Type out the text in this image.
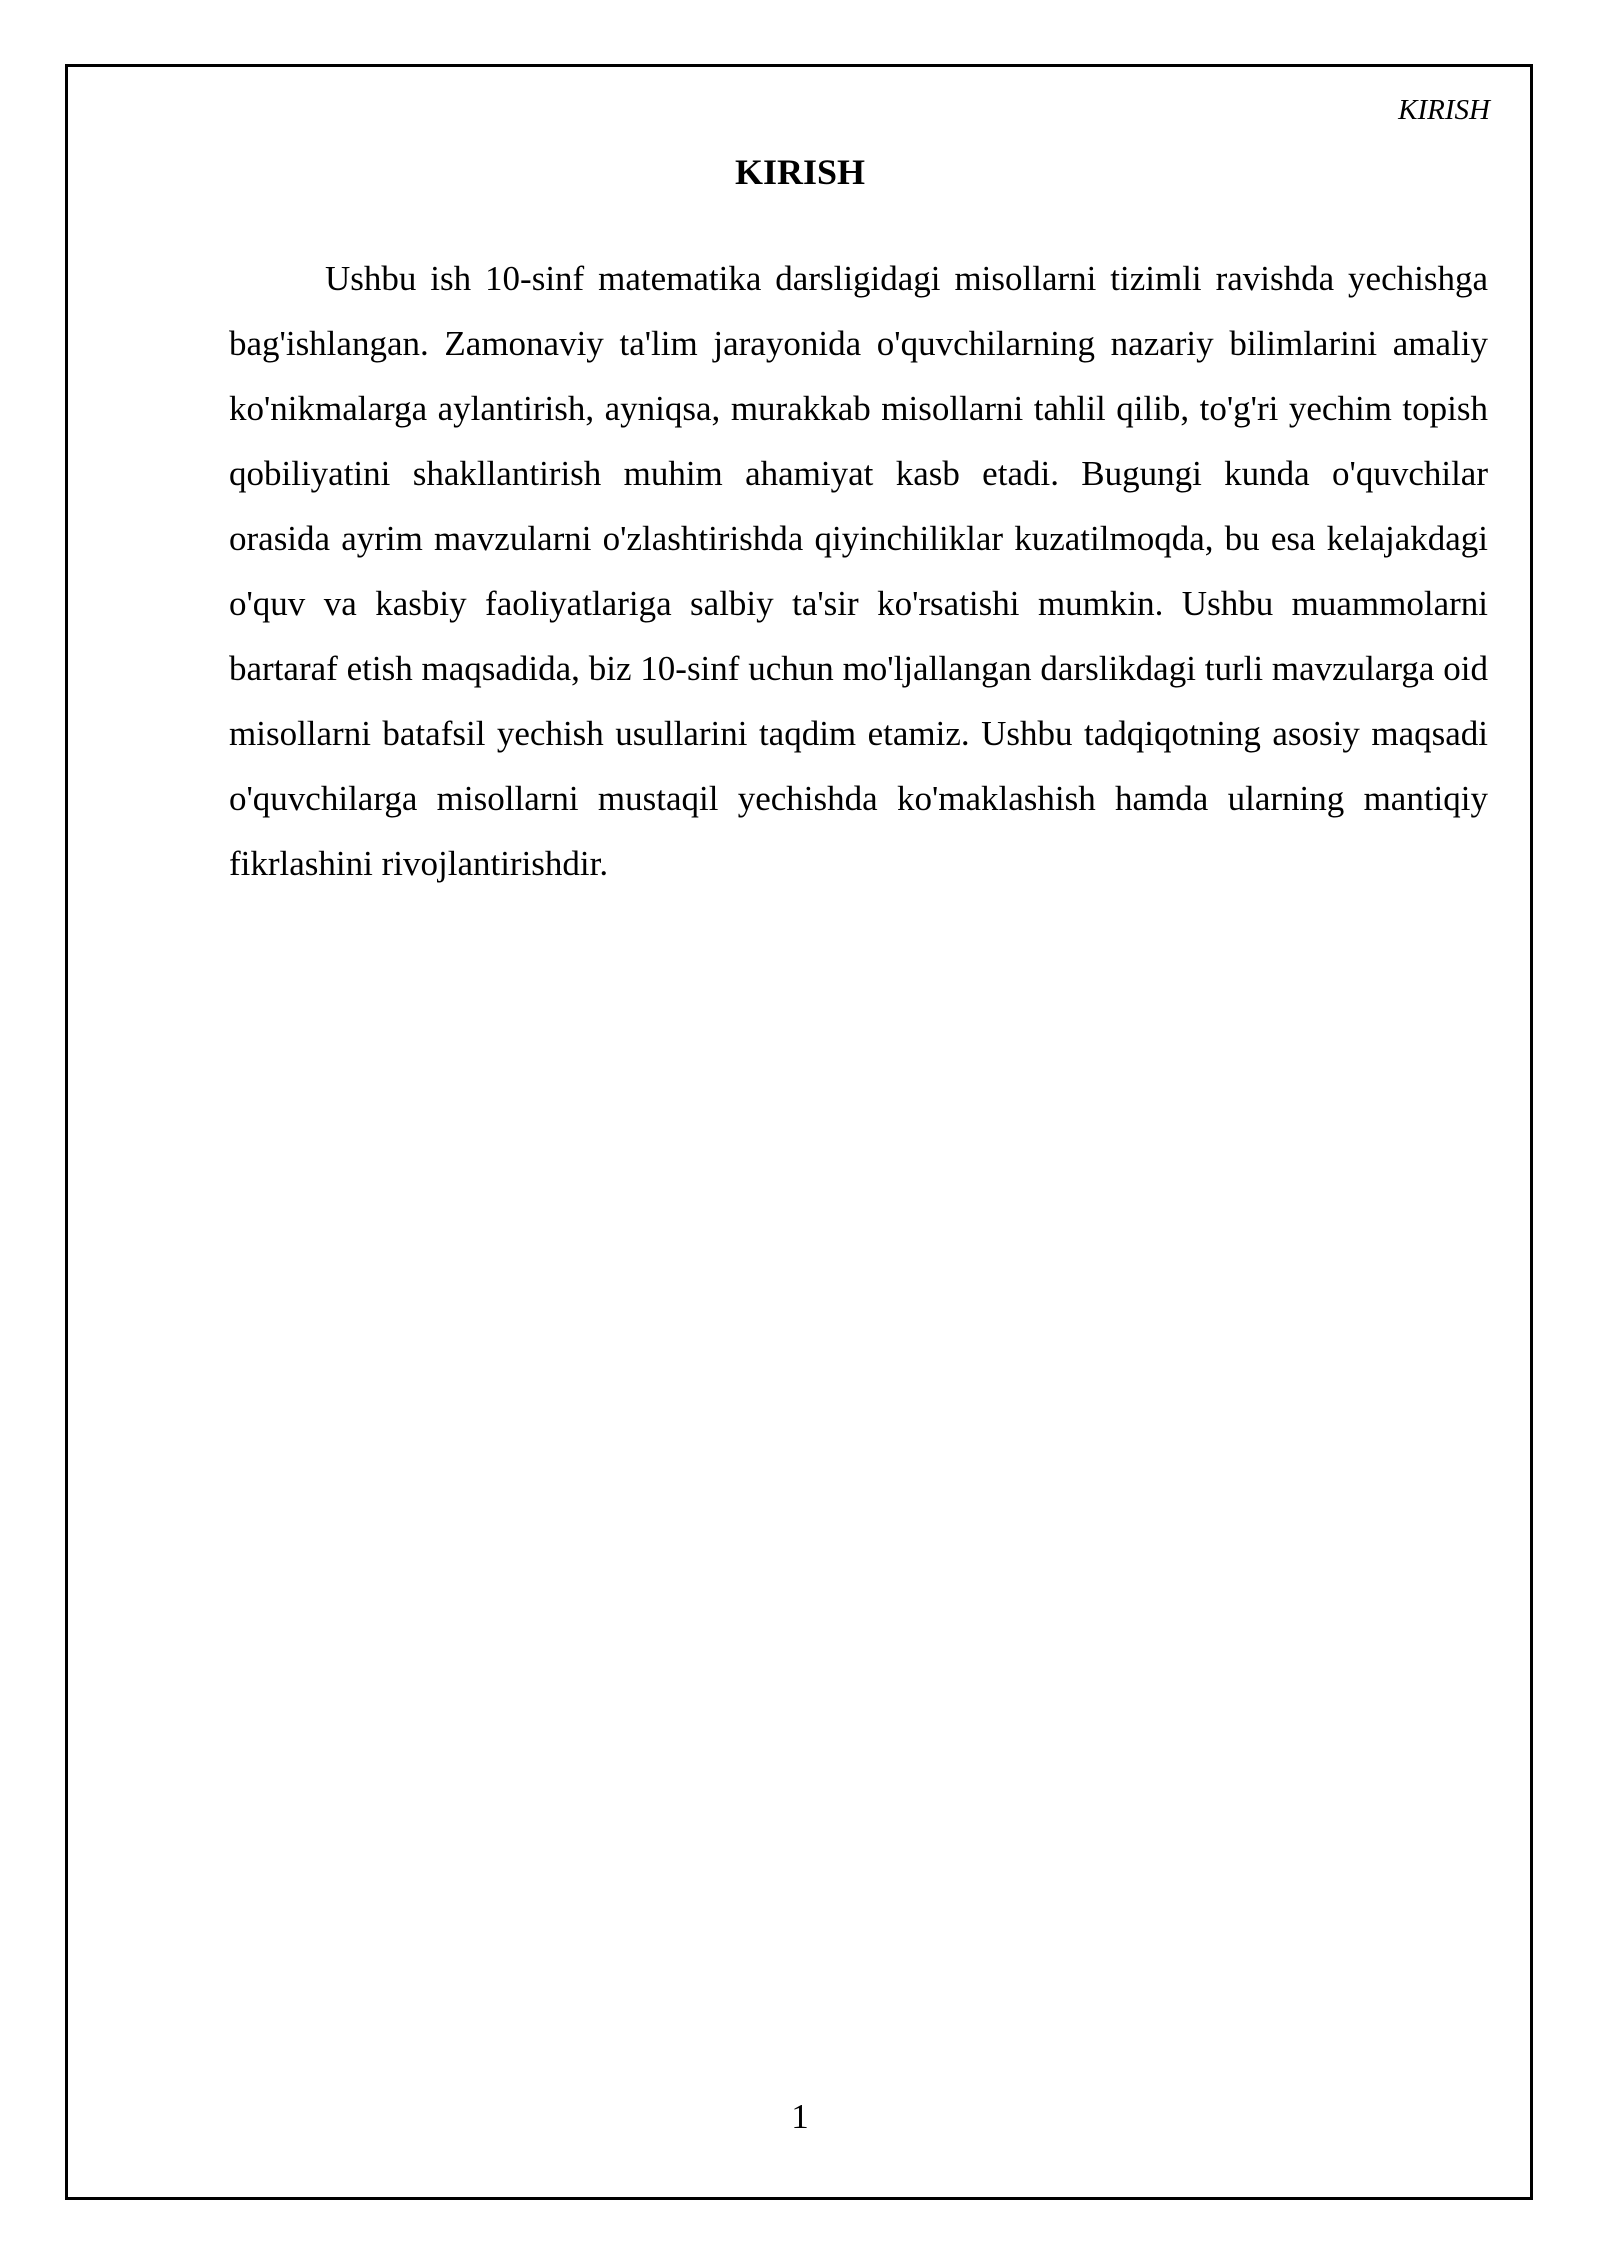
KIRISH
KIRISH

Ushbu ish 10-sinf matematika darsligidagi misollarni tizimli ravishda yechishga bag'ishlangan. Zamonaviy ta'lim jarayonida o'quvchilarning nazariy bilimlarini amaliy ko'nikmalarga aylantirish, ayniqsa, murakkab misollarni tahlil qilib, to'g'ri yechim topish qobiliyatini shakllantirish muhim ahamiyat kasb etadi. Bugungi kunda o'quvchilar orasida ayrim mavzularni o'zlashtirishda qiyinchiliklar kuzatilmoqda, bu esa kelajakdagi o'quv va kasbiy faoliyatlariga salbiy ta'sir ko'rsatishi mumkin. Ushbu muammolarni bartaraf etish maqsadida, biz 10-sinf uchun mo'ljallangan darslikdagi turli mavzularga oid misollarni batafsil yechish usullarini taqdim etamiz. Ushbu tadqiqotning asosiy maqsadi o'quvchilarga misollarni mustaqil yechishda ko'maklashish hamda ularning mantiqiy fikrlashini rivojlantirishdir.

1
